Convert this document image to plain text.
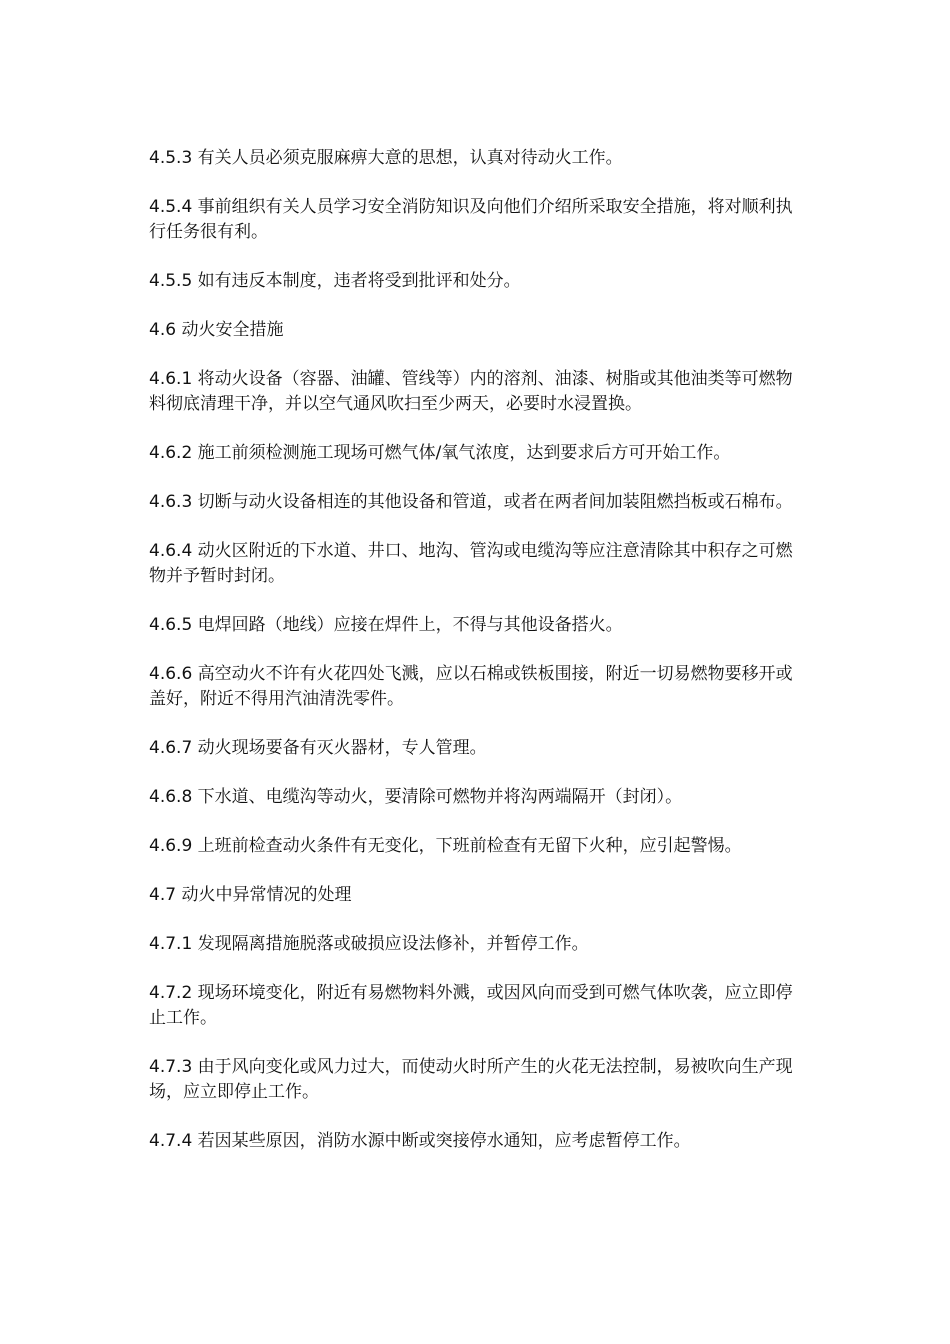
4.5.3 有关人员必须克服麻痹大意的思想，认真对待动火工作。

4.5.4 事前组织有关人员学习安全消防知识及向他们介绍所采取安全措施，将对顺利执行任务很有利。

4.5.5 如有违反本制度，违者将受到批评和处分。

4.6 动火安全措施

4.6.1 将动火设备（容器、油罐、管线等）内的溶剂、油漆、树脂或其他油类等可燃物料彻底清理干净，并以空气通风吹扫至少两天，必要时水浸置换。

4.6.2 施工前须检测施工现场可燃气体/氧气浓度，达到要求后方可开始工作。

4.6.3 切断与动火设备相连的其他设备和管道，或者在两者间加装阻燃挡板或石棉布。

4.6.4 动火区附近的下水道、井口、地沟、管沟或电缆沟等应注意清除其中积存之可燃物并予暂时封闭。

4.6.5 电焊回路（地线）应接在焊件上，不得与其他设备搭火。

4.6.6 高空动火不许有火花四处飞溅，应以石棉或铁板围接，附近一切易燃物要移开或盖好，附近不得用汽油清洗零件。

4.6.7 动火现场要备有灭火器材，专人管理。

4.6.8 下水道、电缆沟等动火，要清除可燃物并将沟两端隔开（封闭）。

4.6.9 上班前检查动火条件有无变化，下班前检查有无留下火种，应引起警惕。

4.7 动火中异常情况的处理

4.7.1 发现隔离措施脱落或破损应设法修补，并暂停工作。

4.7.2 现场环境变化，附近有易燃物料外溅，或因风向而受到可燃气体吹袭，应立即停止工作。

4.7.3 由于风向变化或风力过大，而使动火时所产生的火花无法控制，易被吹向生产现场，应立即停止工作。

4.7.4 若因某些原因，消防水源中断或突接停水通知，应考虑暂停工作。
